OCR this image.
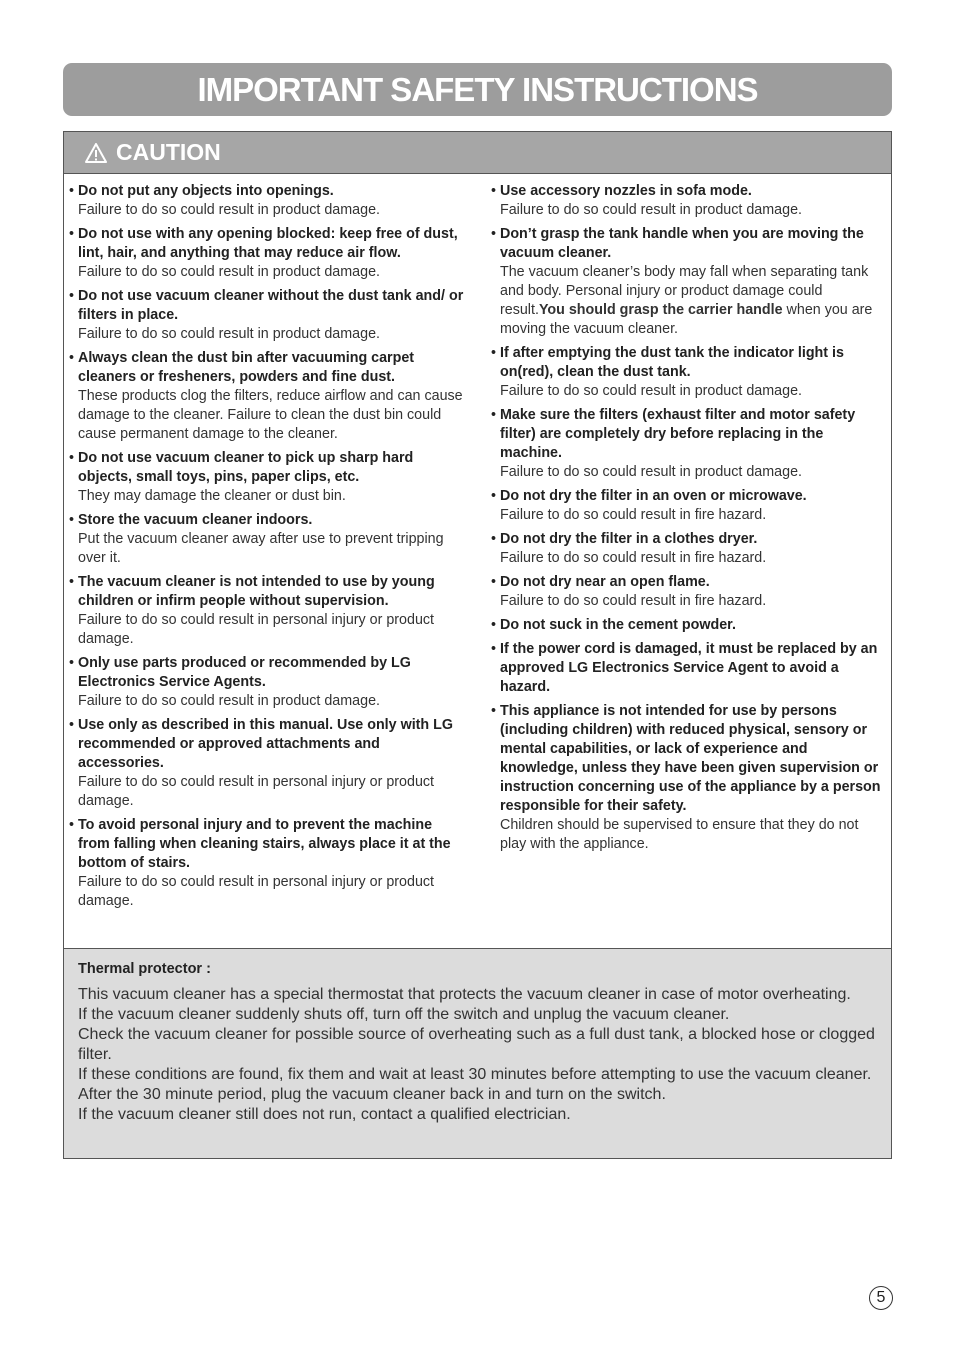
IMPORTANT SAFETY INSTRUCTIONS
CAUTION
• Do not put any objects into openings.
Failure to do so could result in product damage.
• Do not use with any opening blocked: keep free of dust, lint, hair, and anything that may reduce air flow.
Failure to do so could result in product damage.
• Do not use vacuum cleaner without the dust tank and/ or filters in place.
Failure to do so could result in product damage.
• Always clean the dust bin after vacuuming carpet cleaners or fresheners, powders and fine dust.
These products clog the filters, reduce airflow and can cause damage to the cleaner. Failure to clean the dust bin could cause permanent damage to the cleaner.
• Do not use vacuum cleaner to pick up sharp hard objects, small toys, pins, paper clips, etc.
They may damage the cleaner or dust bin.
• Store the vacuum cleaner indoors.
Put the vacuum cleaner away after use to prevent tripping over it.
• The vacuum cleaner is not intended to use by young children or infirm people without supervision.
Failure to do so could result in personal injury or product damage.
• Only use parts produced or recommended by LG Electronics Service Agents.
Failure to do so could result in product damage.
• Use only as described in this manual. Use only with LG recommended or approved attachments and accessories.
Failure to do so could result in personal injury or product damage.
• To avoid personal injury and to prevent the machine from falling when cleaning stairs, always place it at the bottom of stairs.
Failure to do so could result in personal injury or product damage.
• Use accessory nozzles in sofa mode.
Failure to do so could result in product damage.
• Don’t grasp the tank handle when you are moving the vacuum cleaner.
The vacuum cleaner’s body may fall when separating tank and body. Personal injury or product damage could result.You should grasp the carrier handle when you are moving the vacuum cleaner.
• If after emptying the dust tank the indicator light is on(red), clean the dust tank.
Failure to do so could result in product damage.
• Make sure the filters (exhaust filter and motor safety filter) are completely dry before replacing in the machine.
Failure to do so could result in product damage.
• Do not dry the filter in an oven or microwave.
Failure to do so could result in fire hazard.
• Do not dry the filter in a clothes dryer.
Failure to do so could result in fire hazard.
• Do not dry near an open flame.
Failure to do so could result in fire hazard.
• Do not suck in the cement powder.
• If the power cord is damaged, it must be replaced by an approved LG Electronics Service Agent to avoid a hazard.
• This appliance is not intended for use by persons (including children) with reduced physical, sensory or mental capabilities, or lack of experience and knowledge, unless they have been given supervision or instruction concerning use of the appliance by a person responsible for their safety.
Children should be supervised to ensure that they do not play with the appliance.
Thermal protector :
This vacuum cleaner has a special thermostat that protects the vacuum cleaner in case of motor overheating.
If the vacuum cleaner suddenly shuts off, turn off the switch and unplug the vacuum cleaner.
Check the vacuum cleaner for possible source of overheating such as a full dust tank, a blocked hose or clogged filter.
If these conditions are found, fix them and wait at least 30 minutes before attempting to use the vacuum cleaner.
After the 30 minute period, plug the vacuum cleaner back in and turn on the switch.
If the vacuum cleaner still does not run, contact a qualified electrician.
5
